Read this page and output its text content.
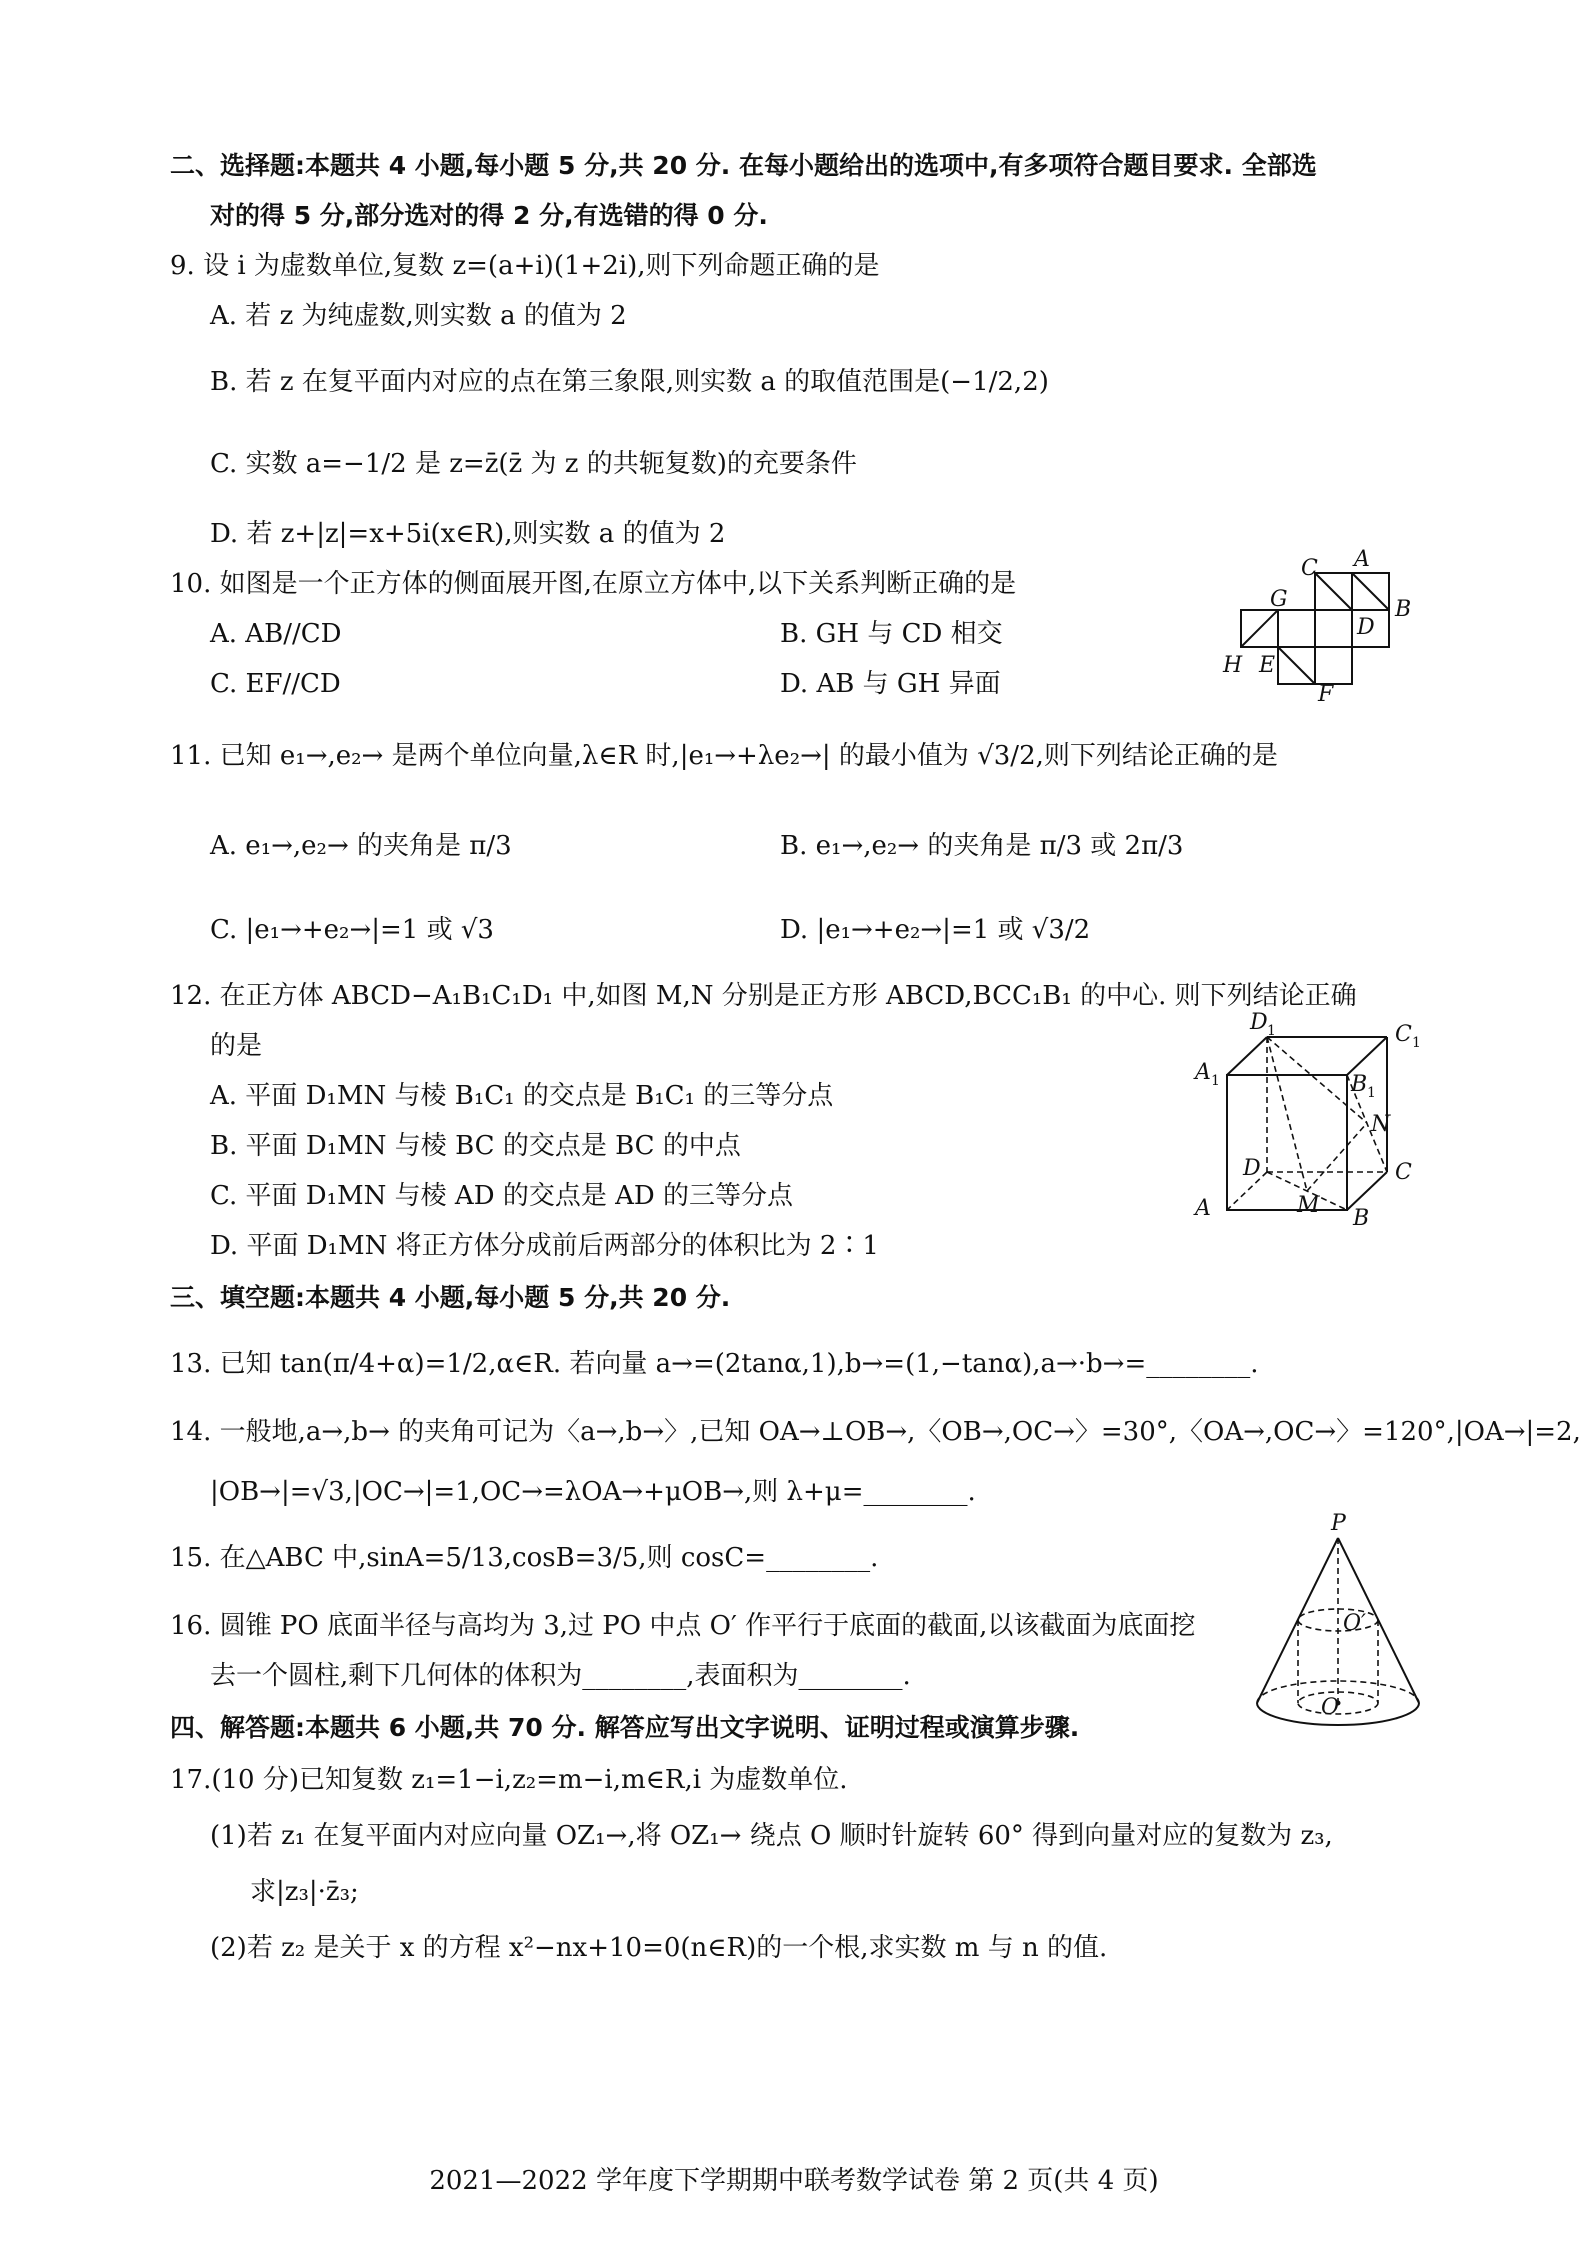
二、选择题:本题共 4 小题,每小题 5 分,共 20 分. 在每小题给出的选项中,有多项符合题目要求. 全部选
对的得 5 分,部分选对的得 2 分,有选错的得 0 分.
9. 设 i 为虚数单位,复数 z=(a+i)(1+2i),则下列命题正确的是
A. 若 z 为纯虚数,则实数 a 的值为 2
B. 若 z 在复平面内对应的点在第三象限,则实数 a 的取值范围是(−1/2,2)
C. 实数 a=−1/2 是 z=z̄(z̄ 为 z 的共轭复数)的充要条件
D. 若 z+|z|=x+5i(x∈R),则实数 a 的值为 2
10. 如图是一个正方体的侧面展开图,在原立方体中,以下关系判断正确的是
A. AB//CD	B. GH 与 CD 相交
C. EF//CD	D. AB 与 GH 异面
A
B
C
D
E
F
G
H
11. 已知 e₁→,e₂→ 是两个单位向量,λ∈R 时,|e₁→+λe₂→| 的最小值为 √3/2,则下列结论正确的是
A. e₁→,e₂→ 的夹角是 π/3	B. e₁→,e₂→ 的夹角是 π/3 或 2π/3
C. |e₁→+e₂→|=1 或 √3	D. |e₁→+e₂→|=1 或 √3/2
12. 在正方体 ABCD−A₁B₁C₁D₁ 中,如图 M,N 分别是正方形 ABCD,BCC₁B₁ 的中心. 则下列结论正确
的是
A. 平面 D₁MN 与棱 B₁C₁ 的交点是 B₁C₁ 的三等分点
B. 平面 D₁MN 与棱 BC 的交点是 BC 的中点
C. 平面 D₁MN 与棱 AD 的交点是 AD 的三等分点
D. 平面 D₁MN 将正方体分成前后两部分的体积比为 2∶1
A	B
C
D
A 1	B 1
C 1
D 1
M
N
三、填空题:本题共 4 小题,每小题 5 分,共 20 分.
13. 已知 tan(π/4+α)=1/2,α∈R. 若向量 a→=(2tanα,1),b→=(1,−tanα),a→·b→=________.
14. 一般地,a→,b→ 的夹角可记为〈a→,b→〉,已知 OA→⊥OB→,〈OB→,OC→〉=30°,〈OA→,OC→〉=120°,|OA→|=2,
|OB→|=√3,|OC→|=1,OC→=λOA→+μOB→,则 λ+μ=________.
15. 在△ABC 中,sinA=5/13,cosB=3/5,则 cosC=________.
16. 圆锥 PO 底面半径与高均为 3,过 PO 中点 O′ 作平行于底面的截面,以该截面为底面挖
去一个圆柱,剩下几何体的体积为________,表面积为________.
P
O′
O
四、解答题:本题共 6 小题,共 70 分. 解答应写出文字说明、证明过程或演算步骤.
17.(10 分)已知复数 z₁=1−i,z₂=m−i,m∈R,i 为虚数单位.
(1)若 z₁ 在复平面内对应向量 OZ₁→,将 OZ₁→ 绕点 O 顺时针旋转 60° 得到向量对应的复数为 z₃,
求|z₃|·z̄₃;
(2)若 z₂ 是关于 x 的方程 x²−nx+10=0(n∈R)的一个根,求实数 m 与 n 的值.
2021—2022 学年度下学期期中联考数学试卷 第 2 页(共 4 页)
